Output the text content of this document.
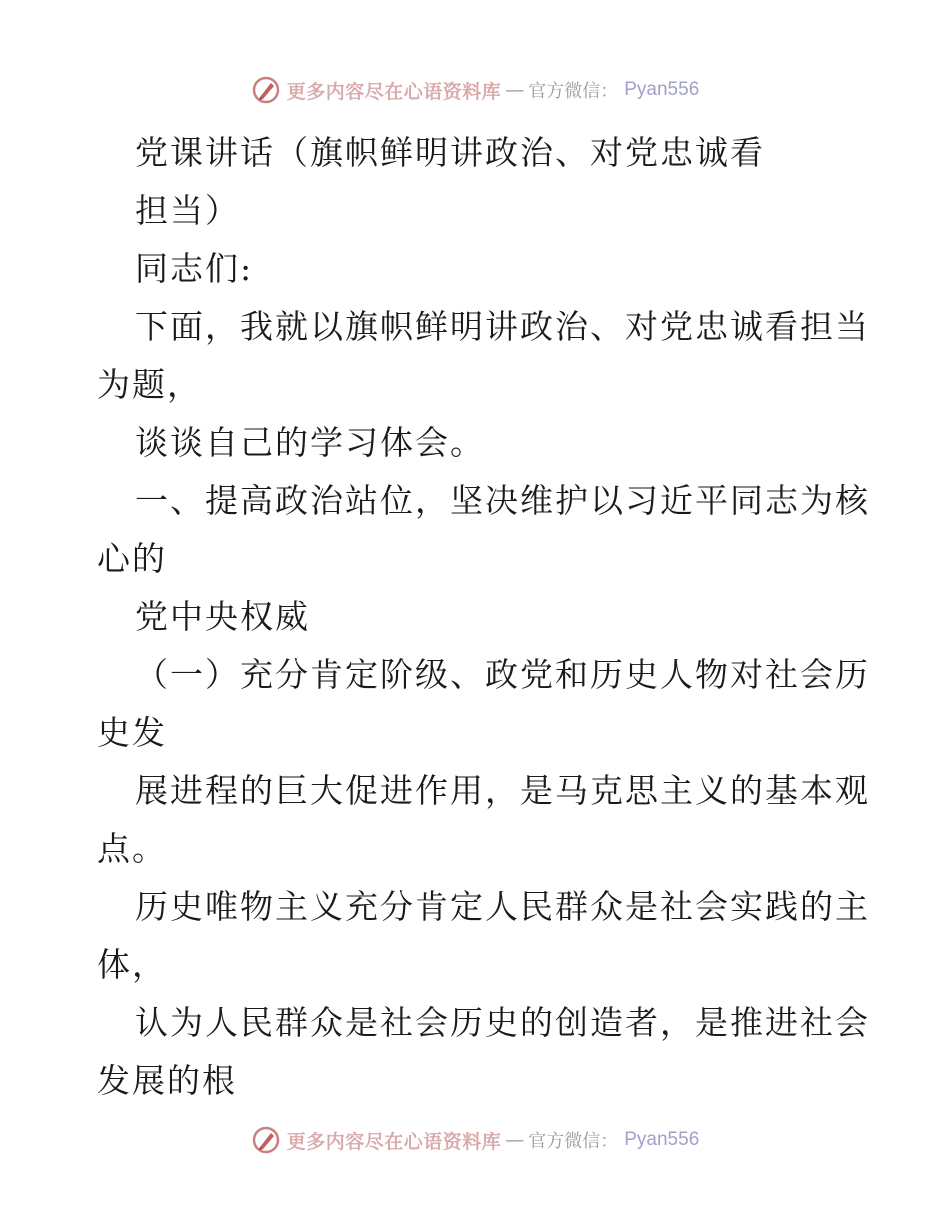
更多内容尽在心语资料库 — 官方微信： Pyan556
党课讲话（旗帜鲜明讲政治、对党忠诚看
担当）
同志们:
下面，我就以旗帜鲜明讲政治、对党忠诚看担当
为题，
谈谈自己的学习体会。
一、提高政治站位，坚决维护以习近平同志为核
心的
党中央权威
（一）充分肯定阶级、政党和历史人物对社会历
史发
展进程的巨大促进作用，是马克思主义的基本观
点。
历史唯物主义充分肯定人民群众是社会实践的主
体，
认为人民群众是社会历史的创造者，是推进社会
发展的根
更多内容尽在心语资料库 — 官方微信： Pyan556
